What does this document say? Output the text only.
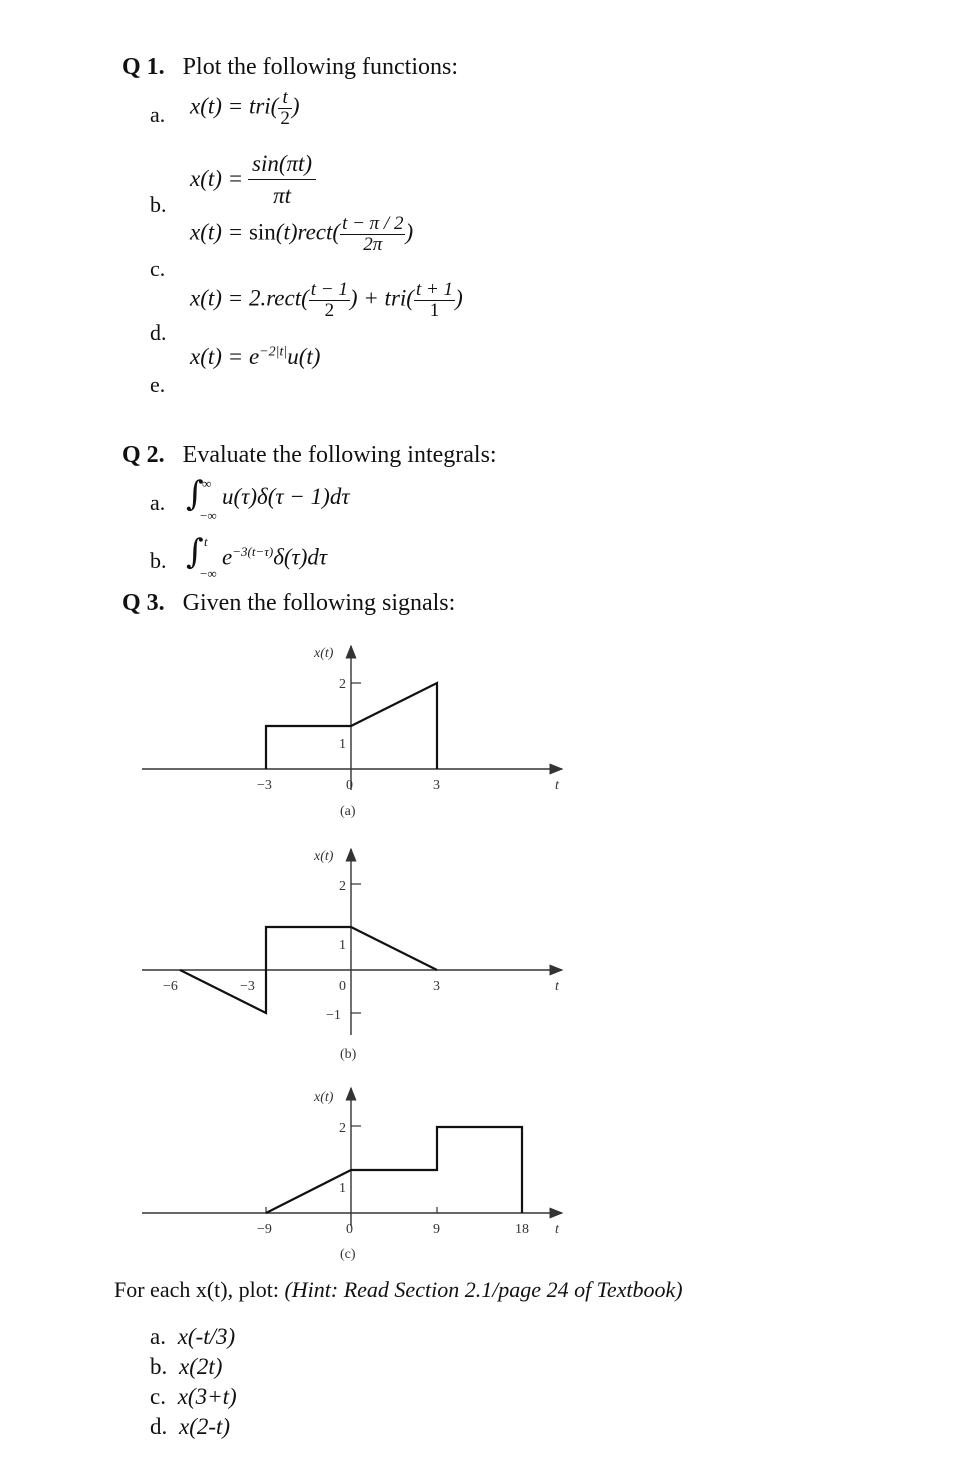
Q 1. Plot the following functions:
a. $x(t) = tri( \frac{t}{2}$ )
$x(t) = \frac{\sin(\pi t)}{\pi t}$
b.
x(t) = sin(t)rect( $\frac{t - \pi / 2}{2\pi}$ )
c.
x(t) = 2.rect( $\frac{t - 1}{2}$ ) + $tri( \frac{t + 1}{1}$ )
d.
$x(t) = e^{-2|t|}u(t)$
e.
Q 2. Evaluate the following integrals:
a. ∫
∞
−∞
u(τ)δ(τ − 1)dτ
b. ∫ t
−∞
$e^{-3(t-\tau)}\delta(\tau)d\tau$
Q 3. Given the following signals:
x(t)
2
1
−3	0	3	t
(a)
x(t)
2
1
−1
−6	−3	0	3	t
(b)
x(t)
2
1
−9	0	9	18 t
(c)
For each x(t), plot: (Hint: Read Section 2.1/page 24 of Textbook)
a. x(-t/3)
b. x(2t)
c. x(3+t)
d. x(2-t)
